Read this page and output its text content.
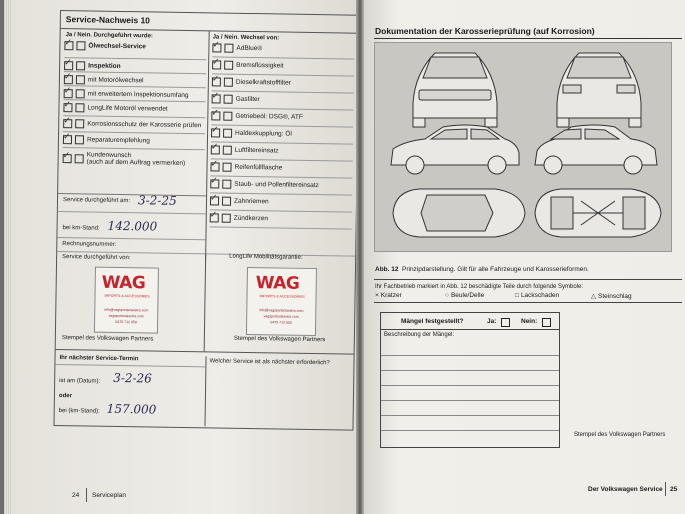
Service-Nachweis 10
Ja / Nein. Durchgeführt wurde:	Ja / Nein. Wechsel von:
✓
Ölwechsel-Service
✓
Inspektion
✓
mit Motorölwechsel
✓
mit erweitertem Inspektionsumfang
✓
LongLife Motoröl verwendet
✓
Korrosionsschutz der Karosserie prüfen
✓
Reparaturempfehlung
✓
Kundenwunsch
(auch auf dem Auftrag vermerken)
✓
AdBlue®
✓
Bremsflüssigkeit
✓
Dieselkraftstofffilter
✓
Gasfilter
✓
Getriebeöl: DSG®, ATF
✓
Haldexkupplung: Öl
✓
Luftfiltereinsatz
✓
Reifenfüllflasche
✓
Staub- und Pollenfiltereinsatz
✓
Zahnriemen
✓
Zündkerzen
Service durchgeführt am: 3-2-25
bei km-Stand: 142.000
Rechnungsnummer:
Service durchgeführt von:	LongLife Mobilitätsgarantie:
WAG
IMPORTS & ACCESSORIES
info@vagsportsclassics.com
vagsportsclassics.com
0475 712 050
WAG
IMPORTS & ACCESSORIES
info@vagsportsclassics.com
vagsportsclassics.com
0475 712 050
Stempel des Volkswagen Partners	Stempel des Volkswagen Partners
Ihr nächster Service-Termin
ist am (Datum): 3-2-26
oder
bei (km-Stand): 157.000
Welcher Service ist als nächster erforderlich?
24 Serviceplan
Dokumentation der Karosserieprüfung (auf Korrosion)
Abb. 12 Prinzipdarstellung. Gilt für alle Fahrzeuge und Karosserieformen.
Ihr Fachbetrieb markiert in Abb. 12 beschädigte Teile durch folgende Symbole:
× Kratzer	○ Beule/Delle	□ Lackschaden	△ Steinschlag
Mängel festgestellt?	Ja:	Nein:
Beschreibung der Mängel:
Stempel des Volkswagen Partners
Der Volkswagen Service 25
